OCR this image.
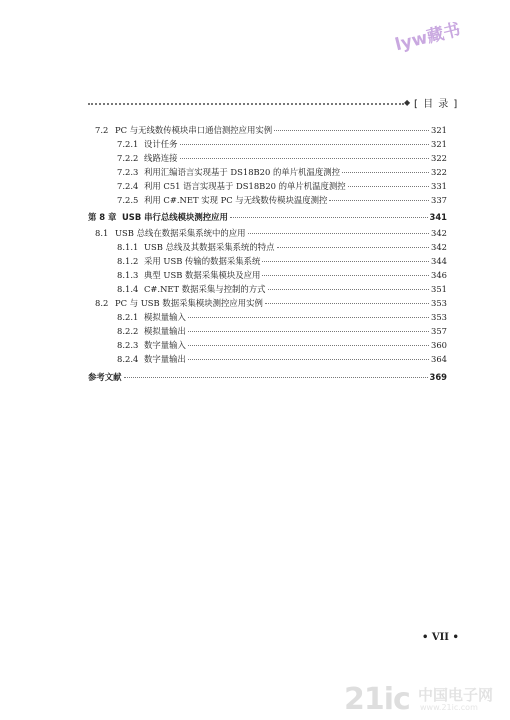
lyw藏书
◆ [ 目 录 ]
7.2 PC 与无线数传模块串口通信测控应用实例	321
7.2.1 设计任务	321
7.2.2 线路连接	322
7.2.3 利用汇编语言实现基于 DS18B20 的单片机温度测控	322
7.2.4 利用 C51 语言实现基于 DS18B20 的单片机温度测控	331
7.2.5 利用 C#.NET 实现 PC 与无线数传模块温度测控	337
第 8 章 USB 串行总线模块测控应用	341
8.1 USB 总线在数据采集系统中的应用	342
8.1.1 USB 总线及其数据采集系统的特点	342
8.1.2 采用 USB 传输的数据采集系统	344
8.1.3 典型 USB 数据采集模块及应用	346
8.1.4 C#.NET 数据采集与控制的方式	351
8.2 PC 与 USB 数据采集模块测控应用实例	353
8.2.1 模拟量输入	353
8.2.2 模拟量输出	357
8.2.3 数字量输入	360
8.2.4 数字量输出	364
参考文献	369
• VII •
21ic 中国电子网
www.21ic.com
